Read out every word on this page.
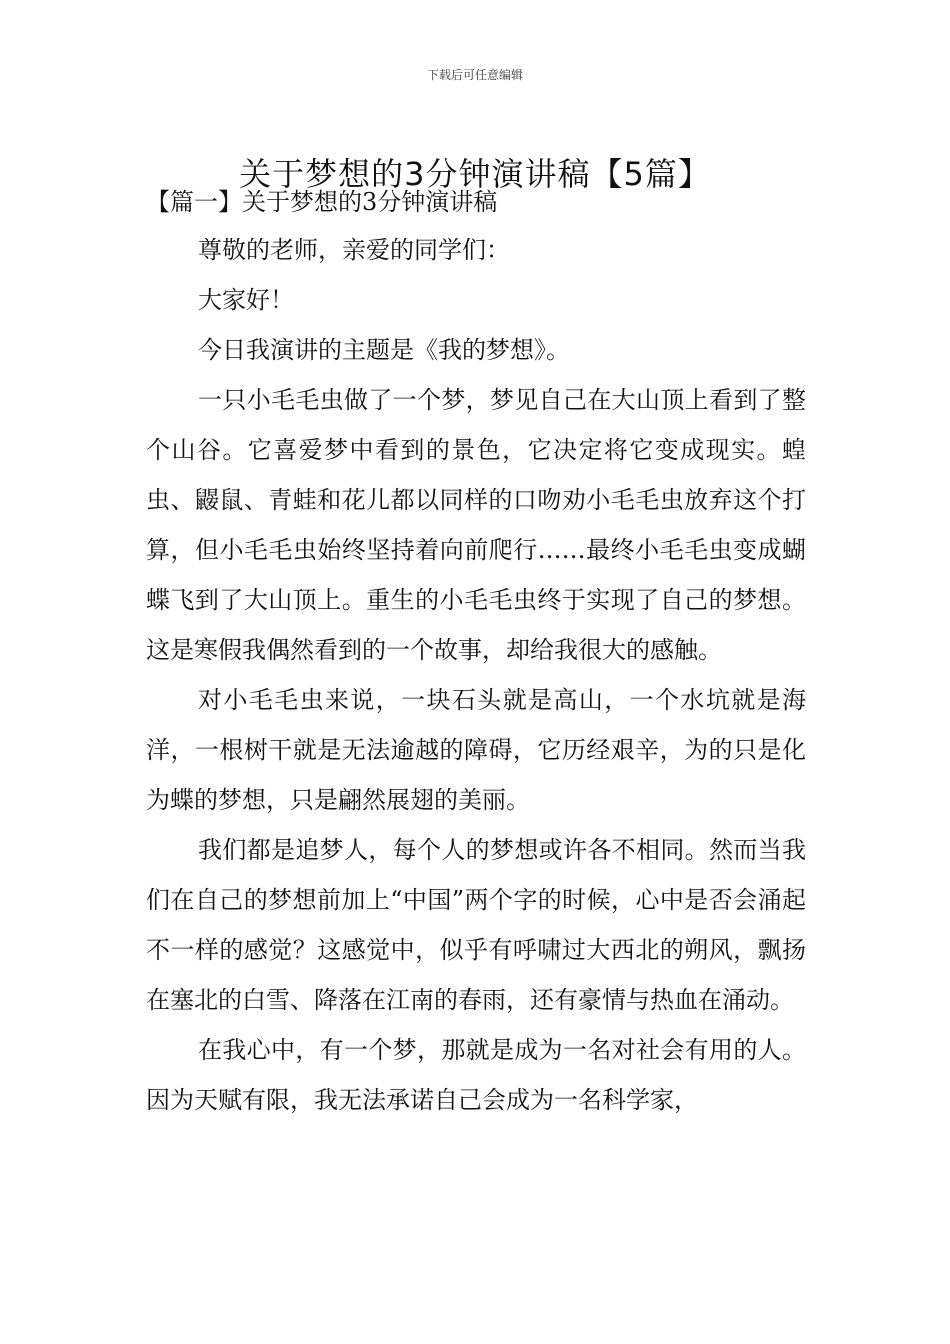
下载后可任意编辑
关于梦想的3分钟演讲稿【5篇】
【篇一】关于梦想的3分钟演讲稿

尊敬的老师，亲爱的同学们：

大家好！

今日我演讲的主题是《我的梦想》。

一只小毛毛虫做了一个梦，梦见自己在大山顶上看到了整个山谷。它喜爱梦中看到的景色，它决定将它变成现实。蝗虫、鼹鼠、青蛙和花儿都以同样的口吻劝小毛毛虫放弃这个打算，但小毛毛虫始终坚持着向前爬行……最终小毛毛虫变成蝴蝶飞到了大山顶上。重生的小毛毛虫终于实现了自己的梦想。这是寒假我偶然看到的一个故事，却给我很大的感触。

对小毛毛虫来说，一块石头就是高山，一个水坑就是海洋，一根树干就是无法逾越的障碍，它历经艰辛，为的只是化为蝶的梦想，只是翩然展翅的美丽。

我们都是追梦人，每个人的梦想或许各不相同。然而当我们在自己的梦想前加上“中国”两个字的时候，心中是否会涌起不一样的感觉？这感觉中，似乎有呼啸过大西北的朔风，飘扬在塞北的白雪、降落在江南的春雨，还有豪情与热血在涌动。

在我心中，有一个梦，那就是成为一名对社会有用的人。因为天赋有限，我无法承诺自己会成为一名科学家，
